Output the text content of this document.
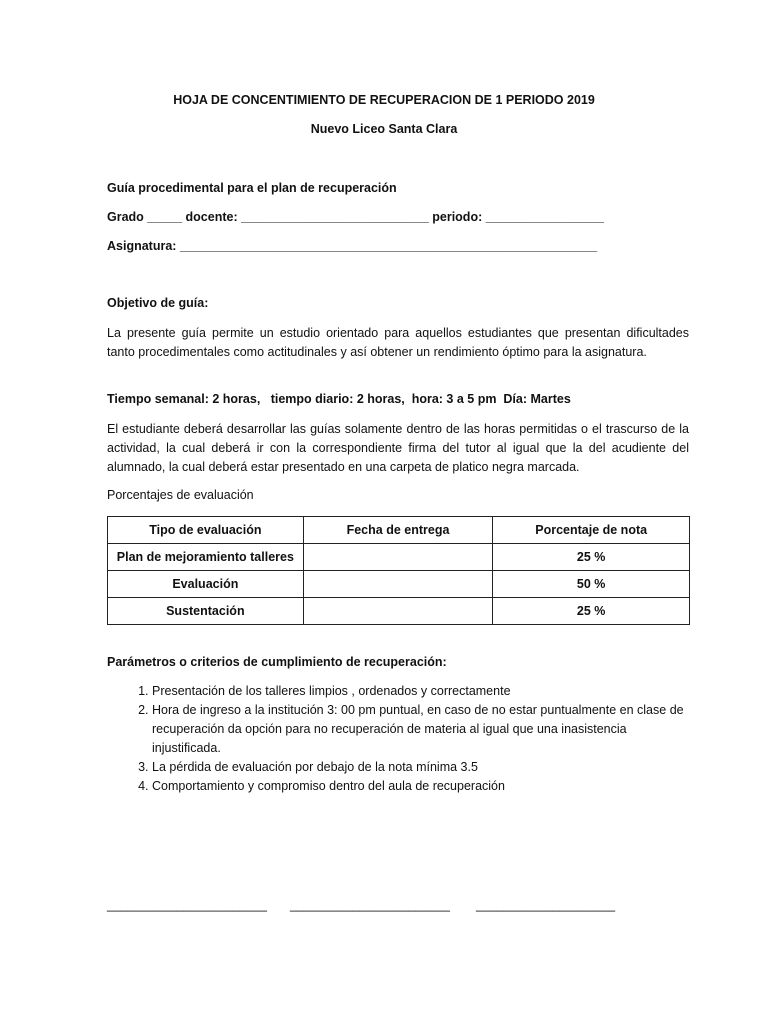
HOJA DE CONCENTIMIENTO DE RECUPERACION DE 1 PERIODO 2019
Nuevo Liceo Santa Clara
Guía procedimental para el plan de recuperación
Grado _____ docente: ___________________________ periodo: _________________
Asignatura: ____________________________________________________________
Objetivo de guía:
La presente guía permite un estudio orientado para aquellos estudiantes que presentan dificultades tanto procedimentales como actitudinales y así obtener un rendimiento óptimo para la asignatura.
Tiempo semanal: 2 horas,   tiempo diario: 2 horas,  hora: 3 a 5 pm  Día: Martes
El estudiante deberá desarrollar las guías solamente dentro de las horas permitidas o el trascurso de la actividad, la cual deberá ir con la correspondiente firma del tutor al igual que la del acudiente del alumnado, la cual deberá estar presentado en una carpeta de platico negra marcada.
Porcentajes de evaluación
Tipo de evaluación	Fecha de entrega	Porcentaje de nota
Plan de mejoramiento talleres		25 %
Evaluación		50 %
Sustentación		25 %
Parámetros o criterios de cumplimiento de recuperación:
1. Presentación de los talleres limpios , ordenados y correctamente
2. Hora de ingreso a la institución 3: 00 pm puntual, en caso de no estar puntualmente en clase de recuperación da opción para no recuperación de materia al igual que una inasistencia injustificada.
3. La pérdida de evaluación por debajo de la nota mínima 3.5
4. Comportamiento y compromiso dentro del aula de recuperación
_______________________ _______________________ ____________________
